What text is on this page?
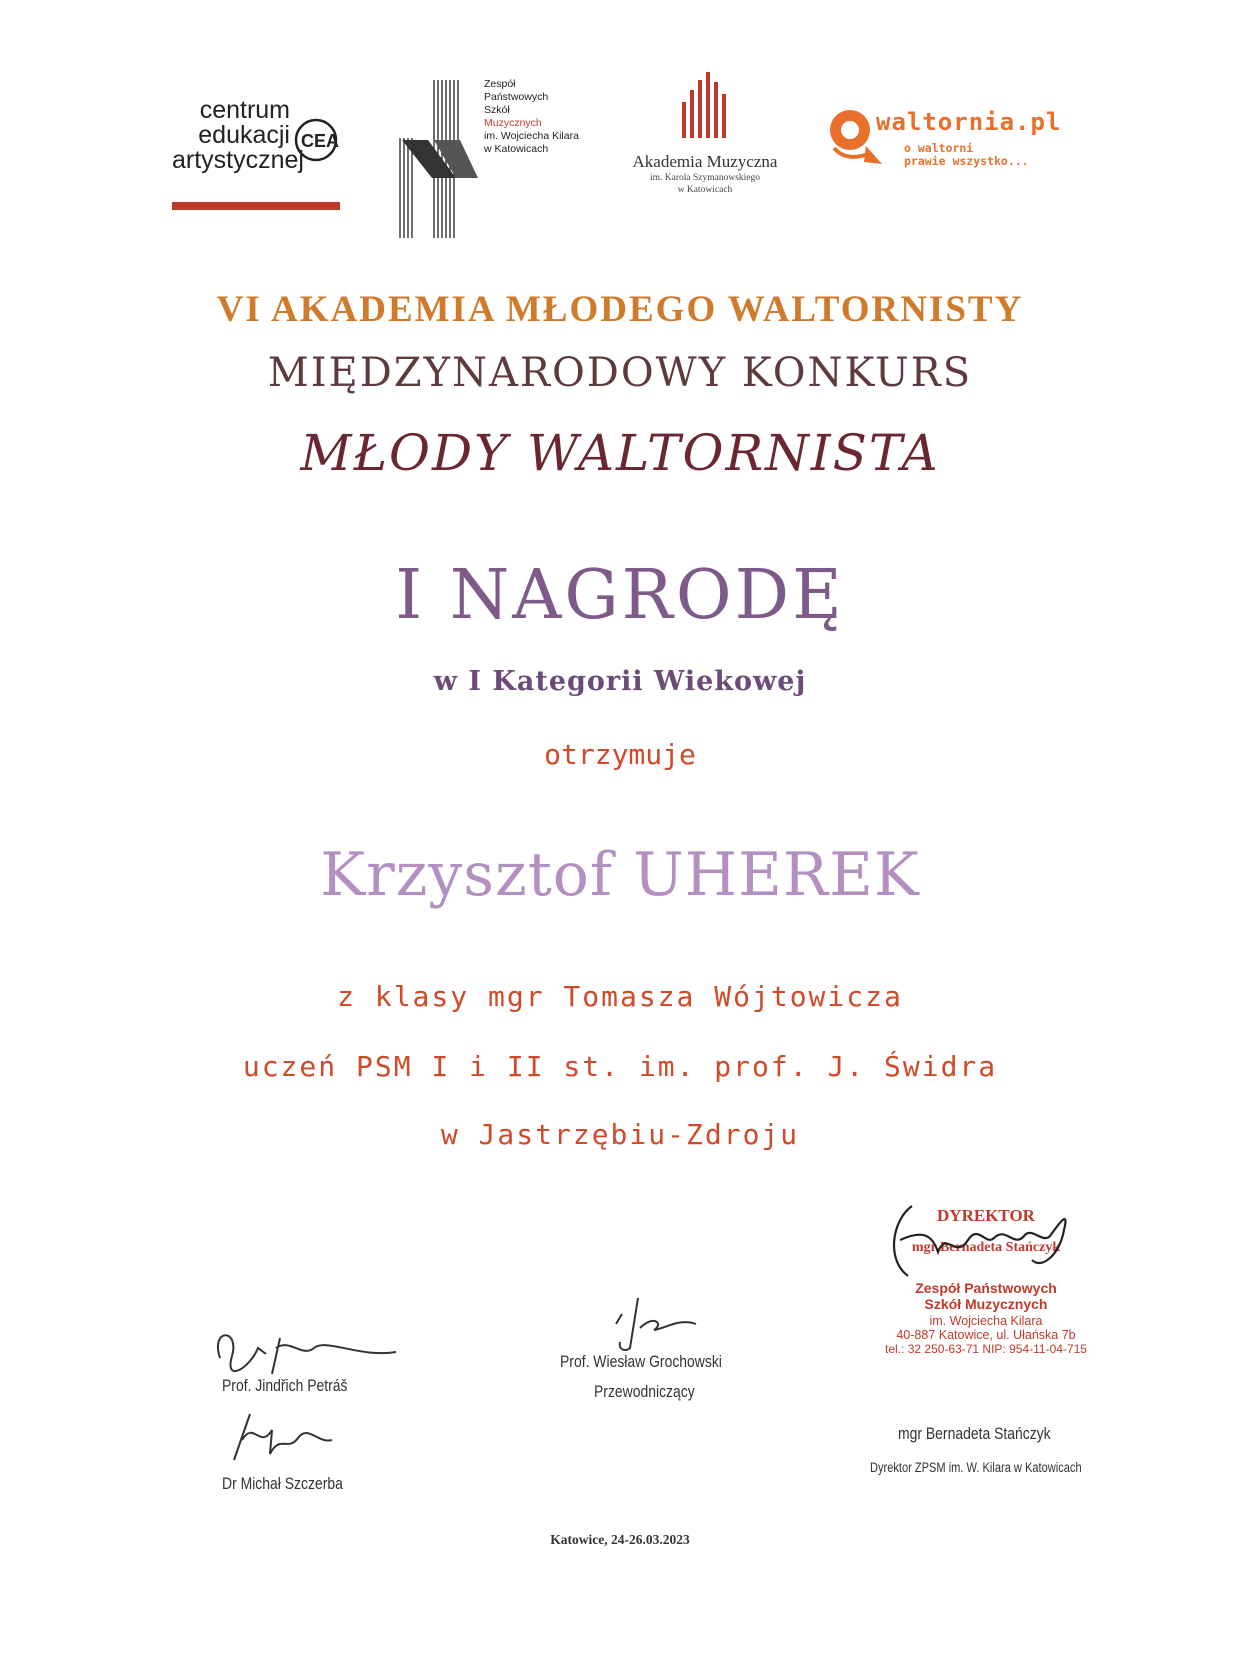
centrum
edukacji
artystycznej
CEA
Zespół
Państwowych
Szkół
Muzycznych
im. Wojciecha Kilara
w Katowicach
Akademia Muzyczna
im. Karola Szymanowskiego
w Katowicach
waltornia.pl
o waltorni
prawie wszystko...
VI AKADEMIA MŁODEGO WALTORNISTY
MIĘDZYNARODOWY KONKURS
MŁODY WALTORNISTA
I NAGRODĘ
w I Kategorii Wiekowej
otrzymuje
Krzysztof UHEREK
z klasy mgr Tomasza Wójtowicza
uczeń PSM I i II st. im. prof. J. Świdra
w Jastrzębiu-Zdroju
Prof. Jindřich Petráš
Dr Michał Szczerba
Prof. Wiesław Grochowski
Przewodniczący
DYREKTOR
mgr Bernadeta Stańczyk
Zespół Państwowych
Szkół Muzycznych
im. Wojciecha Kilara
40-887 Katowice, ul. Ułańska 7b
tel.: 32 250-63-71 NIP: 954-11-04-715
mgr Bernadeta Stańczyk
Dyrektor ZPSM im. W. Kilara w Katowicach
Katowice, 24-26.03.2023
